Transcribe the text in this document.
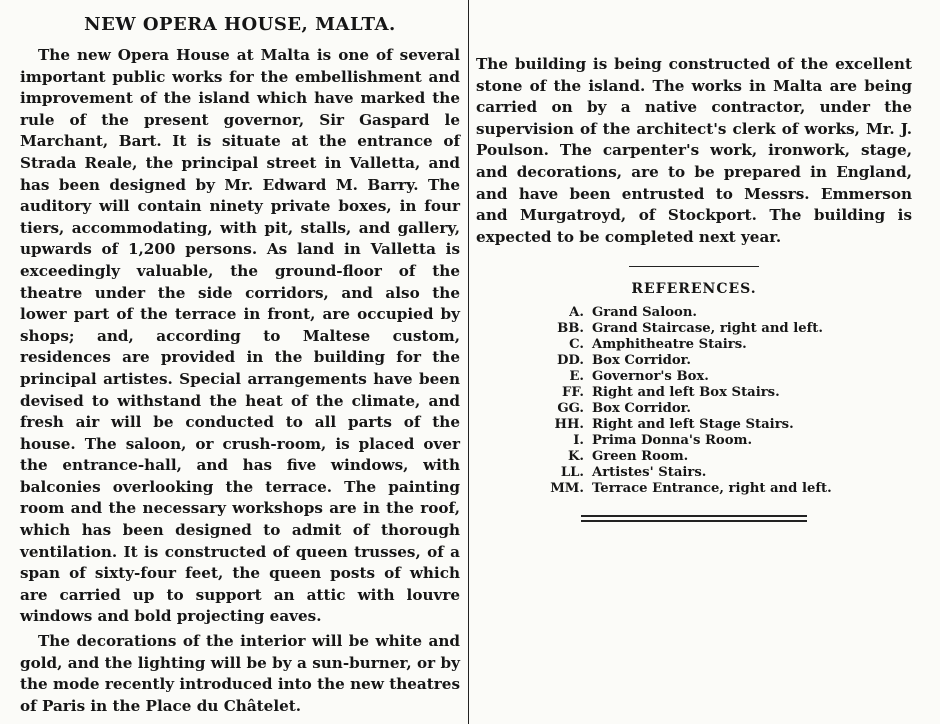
NEW OPERA HOUSE, MALTA.

The new Opera House at Malta is one of several important public works for the embellishment and improvement of the island which have marked the rule of the present governor, Sir Gaspard le Marchant, Bart. It is situate at the entrance of Strada Reale, the principal street in Valletta, and has been designed by Mr. Edward M. Barry. The auditory will contain ninety private boxes, in four tiers, accommodating, with pit, stalls, and gallery, upwards of 1,200 persons. As land in Valletta is exceedingly valuable, the ground-floor of the theatre under the side corridors, and also the lower part of the terrace in front, are occupied by shops; and, according to Maltese custom, residences are provided in the building for the principal artistes. Special arrangements have been devised to withstand the heat of the climate, and fresh air will be conducted to all parts of the house. The saloon, or crush-room, is placed over the entrance-hall, and has five windows, with balconies overlooking the terrace. The painting room and the necessary workshops are in the roof, which has been designed to admit of thorough ventilation. It is constructed of queen trusses, of a span of sixty-four feet, the queen posts of which are carried up to support an attic with louvre windows and bold projecting eaves.

The decorations of the interior will be white and gold, and the lighting will be by a sun-burner, or by the mode recently introduced into the new theatres of Paris in the Place du Châtelet.

The building is being constructed of the excellent stone of the island. The works in Malta are being carried on by a native contractor, under the supervision of the architect's clerk of works, Mr. J. Poulson. The carpenter's work, ironwork, stage, and decorations, are to be prepared in England, and have been entrusted to Messrs. Emmerson and Murgatroyd, of Stockport. The building is expected to be completed next year.

REFERENCES.
A. Grand Saloon.
BB. Grand Staircase, right and left.
C. Amphitheatre Stairs.
DD. Box Corridor.
E. Governor's Box.
FF. Right and left Box Stairs.
GG. Box Corridor.
HH. Right and left Stage Stairs.
I. Prima Donna's Room.
K. Green Room.
LL. Artistes' Stairs.
MM. Terrace Entrance, right and left.
